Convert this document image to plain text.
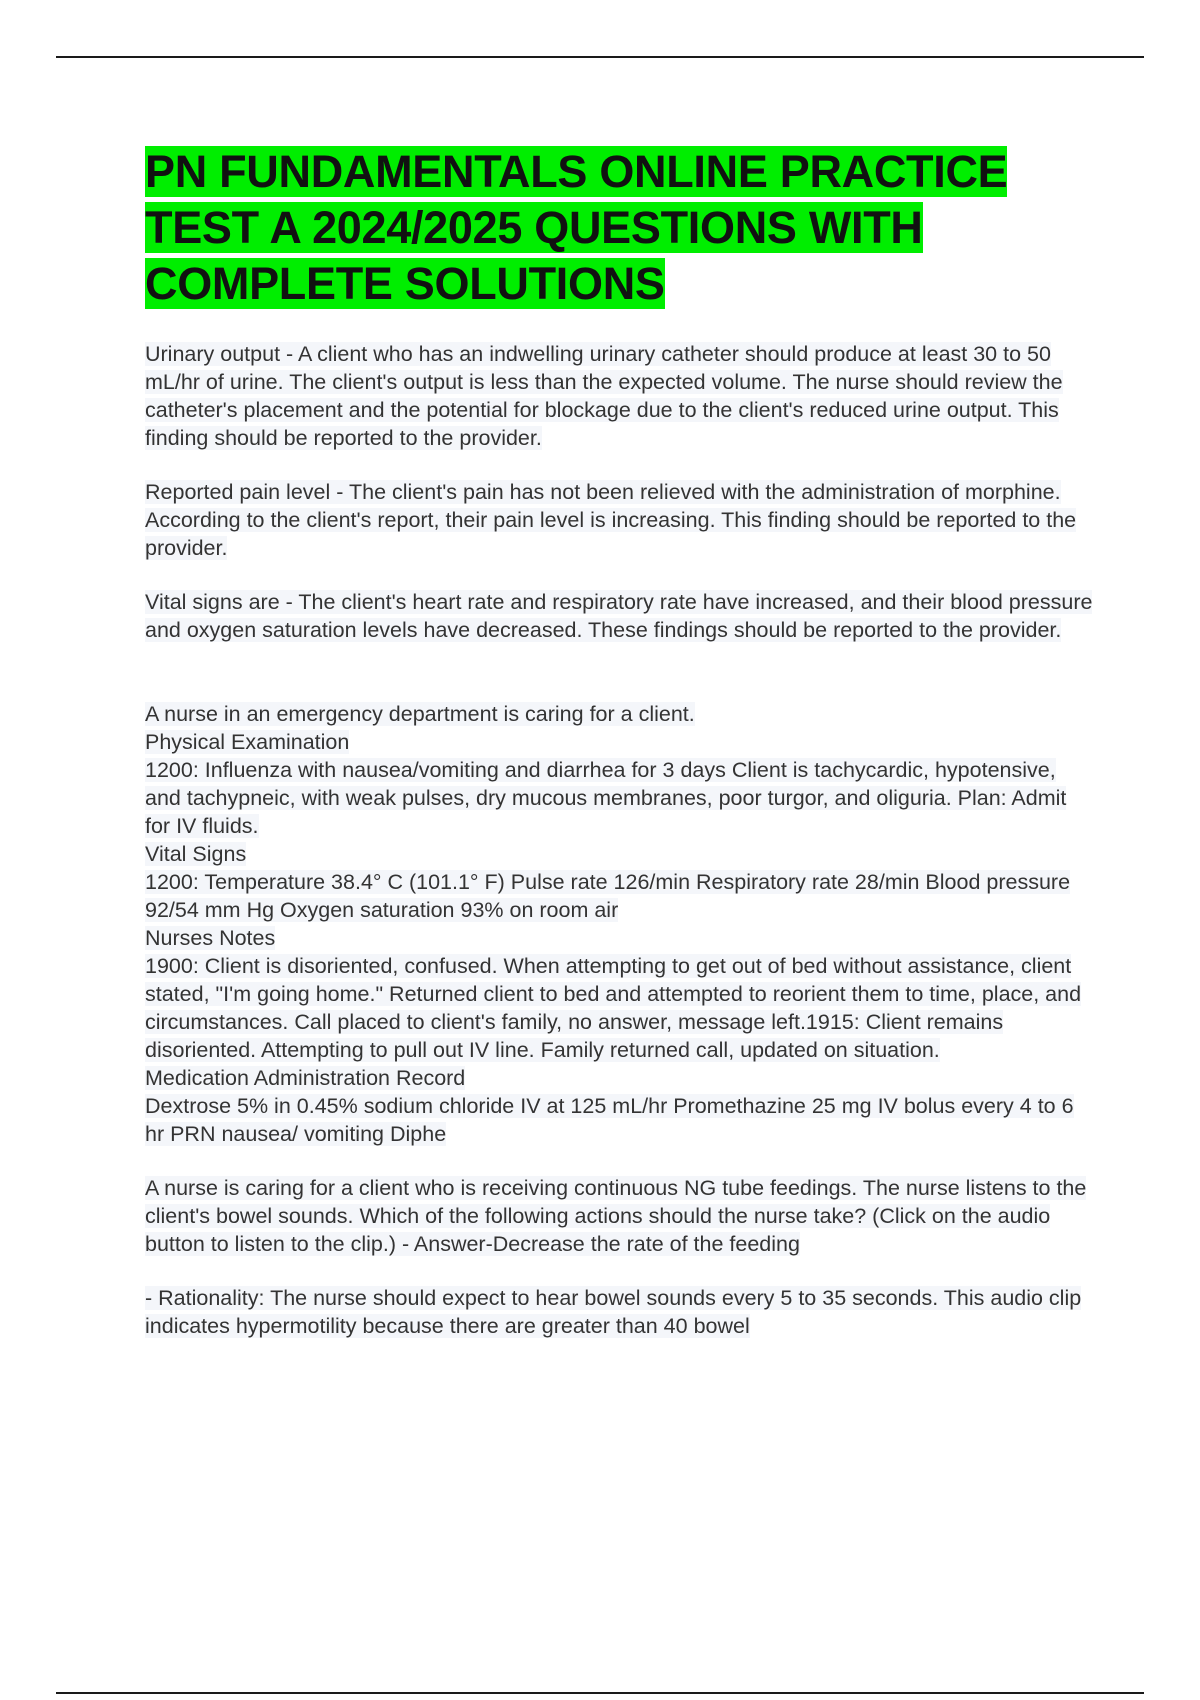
PN FUNDAMENTALS ONLINE PRACTICE TEST A 2024/2025 QUESTIONS WITH COMPLETE SOLUTIONS

Urinary output - A client who has an indwelling urinary catheter should produce at least 30 to 50 mL/hr of urine. The client's output is less than the expected volume. The nurse should review the catheter's placement and the potential for blockage due to the client's reduced urine output. This finding should be reported to the provider.

Reported pain level - The client's pain has not been relieved with the administration of morphine. According to the client's report, their pain level is increasing. This finding should be reported to the provider.

Vital signs are - The client's heart rate and respiratory rate have increased, and their blood pressure and oxygen saturation levels have decreased. These findings should be reported to the provider.

A nurse in an emergency department is caring for a client.

Physical Examination

1200: Influenza with nausea/vomiting and diarrhea for 3 days Client is tachycardic, hypotensive, and tachypneic, with weak pulses, dry mucous membranes, poor turgor, and oliguria. Plan: Admit for IV fluids.

Vital Signs

1200: Temperature 38.4° C (101.1° F) Pulse rate 126/min Respiratory rate 28/min Blood pressure 92/54 mm Hg Oxygen saturation 93% on room air

Nurses Notes

1900: Client is disoriented, confused. When attempting to get out of bed without assistance, client stated, "I'm going home." Returned client to bed and attempted to reorient them to time, place, and circumstances. Call placed to client's family, no answer, message left.1915: Client remains disoriented. Attempting to pull out IV line. Family returned call, updated on situation.

Medication Administration Record

Dextrose 5% in 0.45% sodium chloride IV at 125 mL/hr Promethazine 25 mg IV bolus every 4 to 6 hr PRN nausea/ vomiting Diphe

A nurse is caring for a client who is receiving continuous NG tube feedings. The nurse listens to the client's bowel sounds. Which of the following actions should the nurse take? (Click on the audio button to listen to the clip.) - Answer-Decrease the rate of the feeding

- Rationality: The nurse should expect to hear bowel sounds every 5 to 35 seconds. This audio clip indicates hypermotility because there are greater than 40 bowel
